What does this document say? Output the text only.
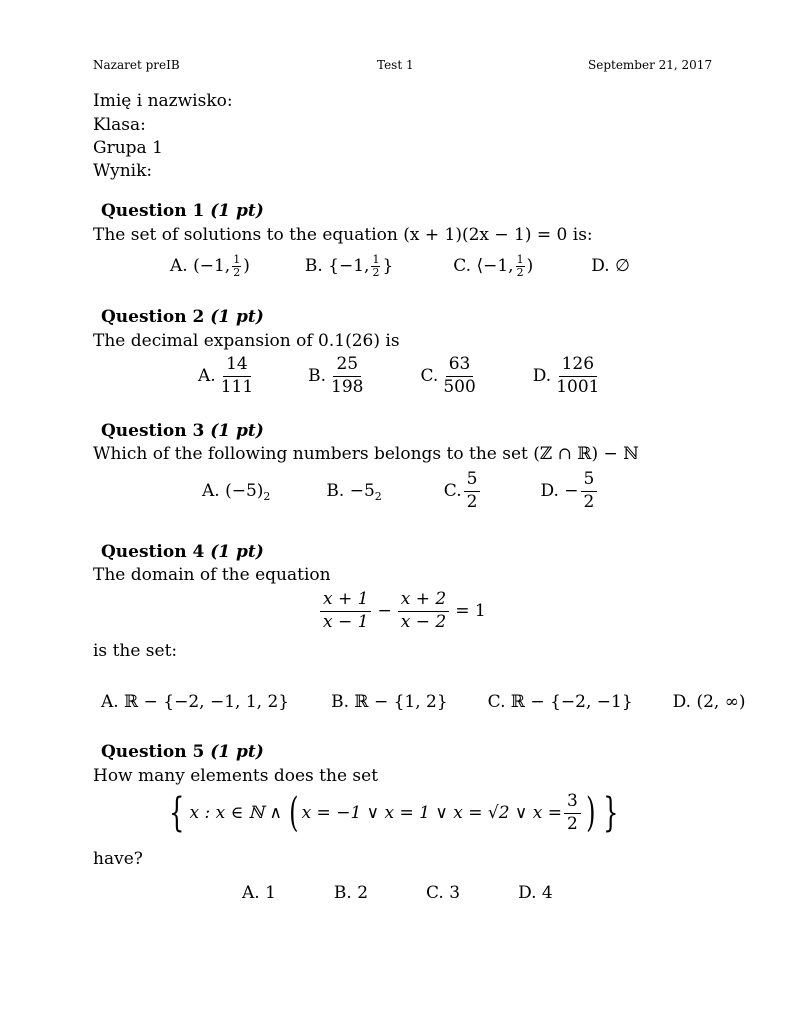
Nazaret preIB	Test 1	September 21, 2017
Imię i nazwisko:
Klasa:
Grupa 1
Wynik:
Question 1 (1 pt)
The set of solutions to the equation (x + 1)(2x − 1) = 0 is:
A.
(−1, $\frac{1}{2}$ )	B.
{−1, $\frac{1}{2}$ }	C.
⟨−1, $\frac{1}{2}$ )	D.
∅
Question 2 (1 pt)
The decimal expansion of 0.1(26) is
A. $\frac{14}{111}$	B. $\frac{25}{198}$	C. $\frac{63}{500}$	D. $\frac{126}{1001}$
Question 3 (1 pt)
Which of the following numbers belongs to the set (ℤ ∩ ℝ) − ℕ
A.
$(-5)_2$	B.
$-5_2$	C. $\frac{5}{2}$	D.
− $\frac{5}{2}$
Question 4 (1 pt)
The domain of the equation
$\frac{x + 1}{x - 1} - \frac{x + 2}{x - 2} = 1$
is the set:
A.
ℝ − {−2, −1, 1, 2} B.
ℝ − {1, 2} C.
ℝ − {−2, −1} D.
(2, ∞)
Question 5 (1 pt)
How many elements does the set
{ x : x ∈ ℕ ∧ ( x = −1 ∨ x = 1 ∨ x = √2 ∨ $x = \frac{3}{2}$ ) }
have?
A. 1	B. 2	C. 3	D. 4
